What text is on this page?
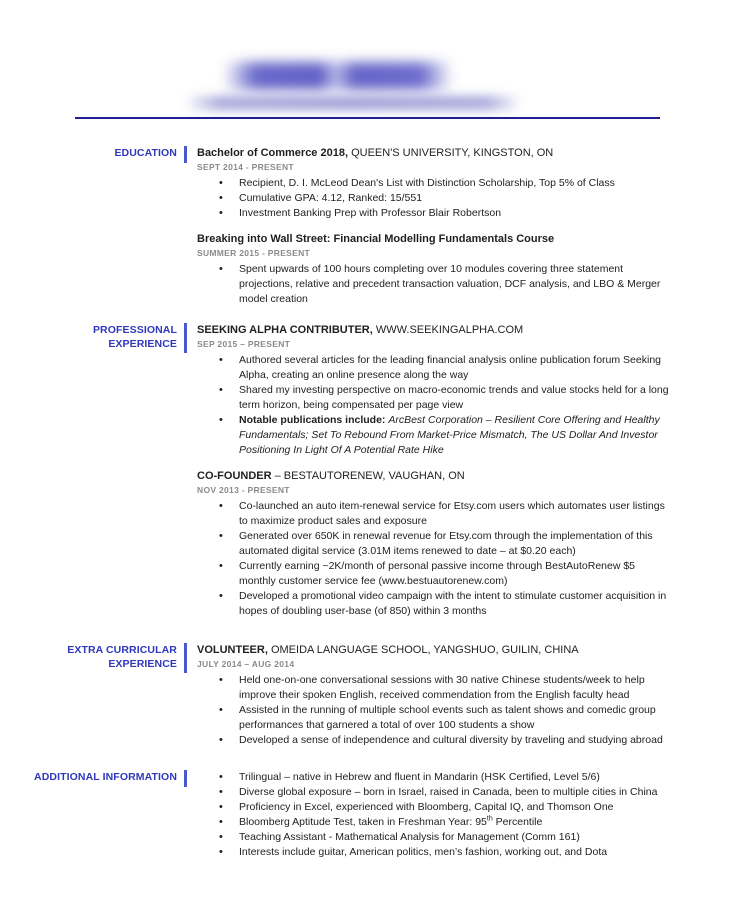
EDUCATION Bachelor of Commerce 2018, QUEEN'S UNIVERSITY, KINGSTON, ON
SEPT 2014 - PRESENT
• Recipient, D. I. McLeod Dean's List with Distinction Scholarship, Top 5% of Class
• Cumulative GPA: 4.12, Ranked: 15/551
• Investment Banking Prep with Professor Blair Robertson
Breaking into Wall Street: Financial Modelling Fundamentals Course
SUMMER 2015 - PRESENT
• Spent upwards of 100 hours completing over 10 modules covering three statement projections, relative and precedent transaction valuation, DCF analysis, and LBO & Merger model creation
PROFESSIONAL
EXPERIENCE
SEEKING ALPHA CONTRIBUTER, WWW.SEEKINGALPHA.COM
SEP 2015 – PRESENT
• Authored several articles for the leading financial analysis online publication forum Seeking Alpha, creating an online presence along the way
• Shared my investing perspective on macro-economic trends and value stocks held for a long term horizon, being compensated per page view
• Notable publications include: ArcBest Corporation – Resilient Core Offering and Healthy Fundamentals; Set To Rebound From Market-Price Mismatch, The US Dollar And Investor Positioning In Light Of A Potential Rate Hike
CO-FOUNDER – BESTAUTORENEW, VAUGHAN, ON
NOV 2013 - PRESENT
• Co-launched an auto item-renewal service for Etsy.com users which automates user listings to maximize product sales and exposure
• Generated over 650K in renewal revenue for Etsy.com through the implementation of this automated digital service (3.01M items renewed to date – at $0.20 each)
• Currently earning ~2K/month of personal passive income through BestAutoRenew $5 monthly customer service fee (www.bestuautorenew.com)
• Developed a promotional video campaign with the intent to stimulate customer acquisition in hopes of doubling user-base (of 850) within 3 months
EXTRA CURRICULAR
EXPERIENCE
VOLUNTEER, OMEIDA LANGUAGE SCHOOL, YANGSHUO, GUILIN, CHINA
JULY 2014 – AUG 2014
• Held one-on-one conversational sessions with 30 native Chinese students/week to help improve their spoken English, received commendation from the English faculty head
• Assisted in the running of multiple school events such as talent shows and comedic group performances that garnered a total of over 100 students a show
• Developed a sense of independence and cultural diversity by traveling and studying abroad
ADDITIONAL INFORMATION	• Trilingual – native in Hebrew and fluent in Mandarin (HSK Certified, Level 5/6)
• Diverse global exposure – born in Israel, raised in Canada, been to multiple cities in China
• Proficiency in Excel, experienced with Bloomberg, Capital IQ, and Thomson One
• Bloomberg Aptitude Test, taken in Freshman Year: 95th Percentile
• Teaching Assistant - Mathematical Analysis for Management (Comm 161)
• Interests include guitar, American politics, men’s fashion, working out, and Dota
